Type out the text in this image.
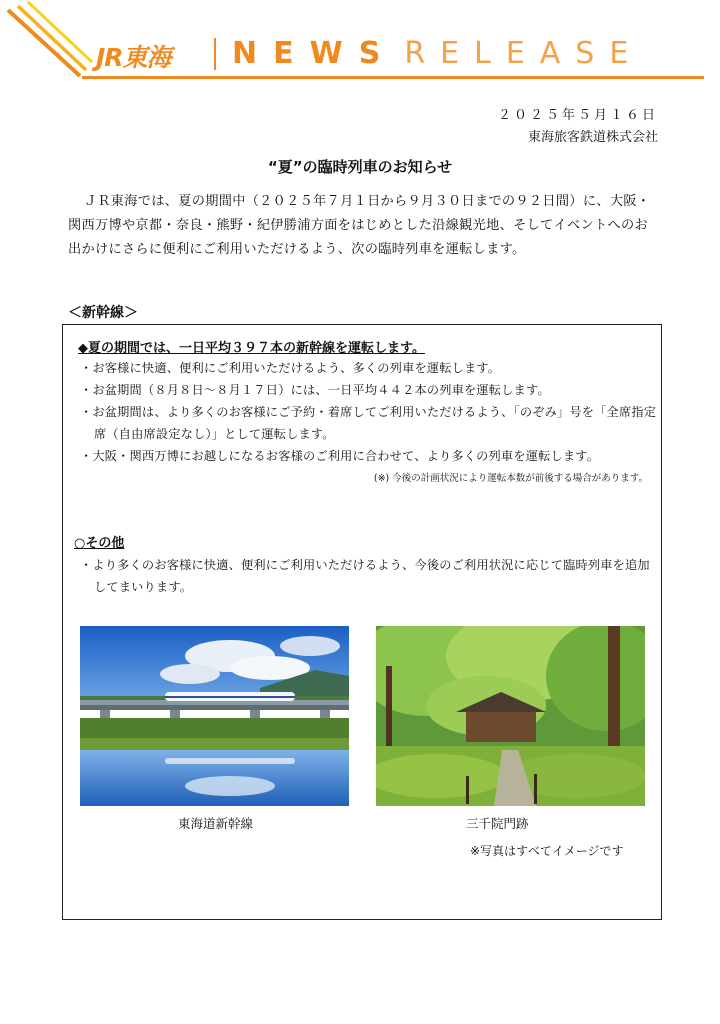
JR東海 NEWS RELEASE
２０２５年５月１６日
東海旅客鉄道株式会社
“夏”の臨時列車のお知らせ
ＪＲ東海では、夏の期間中（２０２５年７月１日から９月３０日までの９２日間）に、大阪・関西万博や京都・奈良・熊野・紀伊勝浦方面をはじめとした沿線観光地、そしてイベントへのお出かけにさらに便利にご利用いただけるよう、次の臨時列車を運転します。
＜新幹線＞
◆夏の期間では、一日平均３９７本の新幹線を運転します。
・お客様に快適、便利にご利用いただけるよう、多くの列車を運転します。
・お盆期間（８月８日～８月１７日）には、一日平均４４２本の列車を運転します。
・お盆期間は、より多くのお客様にご予約・着席してご利用いただけるよう、「のぞみ」号を「全席指定席（自由席設定なし）」として運転します。
・大阪・関西万博にお越しになるお客様のご利用に合わせて、より多くの列車を運転します。
(※) 今後の計画状況により運転本数が前後する場合があります。
○その他
・より多くのお客様に快適、便利にご利用いただけるよう、今後のご利用状況に応じて臨時列車を追加してまいります。
東海道新幹線	三千院門跡
※写真はすべてイメージです
